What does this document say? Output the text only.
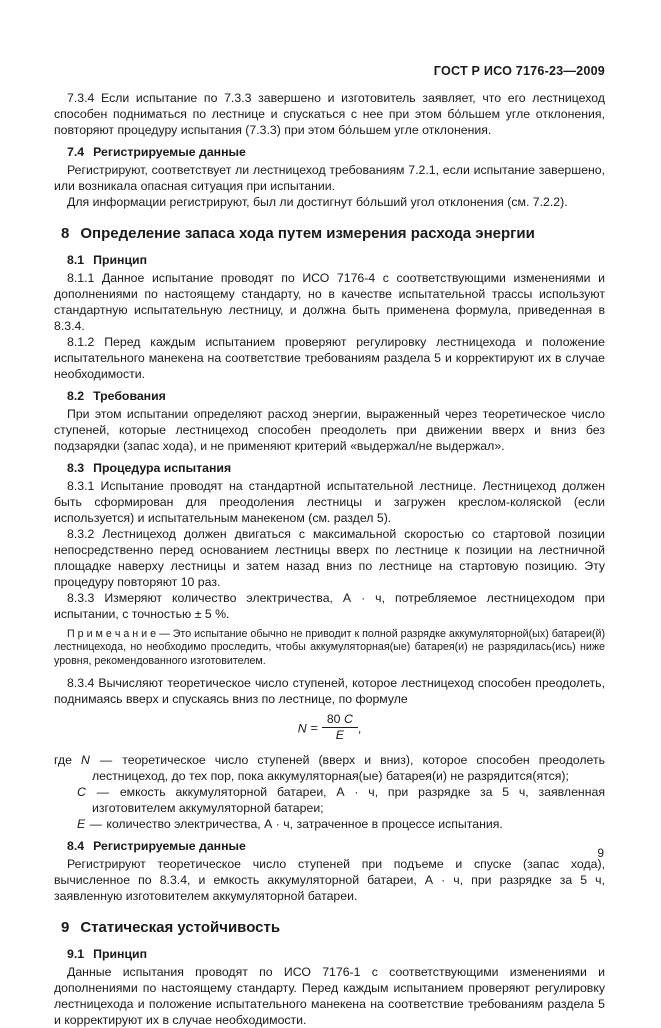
ГОСТ Р ИСО 7176-23—2009

7.3.4 Если испытание по 7.3.3 завершено и изготовитель заявляет, что его лестницеход способен подниматься по лестнице и спускаться с нее при этом бо́льшем угле отклонения, повторяют процедуру испытания (7.3.3) при этом бо́льшем угле отклонения.

7.4 Регистрируемые данные

Регистрируют, соответствует ли лестницеход требованиям 7.2.1, если испытание завершено, или возникала опасная ситуация при испытании.

Для информации регистрируют, был ли достигнут бо́льший угол отклонения (см. 7.2.2).

8 Определение запаса хода путем измерения расхода энергии

8.1 Принцип

8.1.1 Данное испытание проводят по ИСО 7176-4 с соответствующими изменениями и дополнениями по настоящему стандарту, но в качестве испытательной трассы используют стандартную испытательную лестницу, и должна быть применена формула, приведенная в 8.3.4.

8.1.2 Перед каждым испытанием проверяют регулировку лестницехода и положение испытательного манекена на соответствие требованиям раздела 5 и корректируют их в случае необходимости.

8.2 Требования

При этом испытании определяют расход энергии, выраженный через теоретическое число ступеней, которые лестницеход способен преодолеть при движении вверх и вниз без подзарядки (запас хода), и не применяют критерий «выдержал/не выдержал».

8.3 Процедура испытания

8.3.1 Испытание проводят на стандартной испытательной лестнице. Лестницеход должен быть сформирован для преодоления лестницы и загружен креслом-коляской (если используется) и испытательным манекеном (см. раздел 5).

8.3.2 Лестницеход должен двигаться с максимальной скоростью со стартовой позиции непосредственно перед основанием лестницы вверх по лестнице к позиции на лестничной площадке наверху лестницы и затем назад вниз по лестнице на стартовую позицию. Эту процедуру повторяют 10 раз.

8.3.3 Измеряют количество электричества, А · ч, потребляемое лестницеходом при испытании, с точностью ± 5 %.

П р и м е ч а н и е — Это испытание обычно не приводит к полной разрядке аккумуляторной(ых) батареи(й) лестницехода, но необходимо проследить, чтобы аккумуляторная(ые) батарея(и) не разрядилась(ись) ниже уровня, рекомендованного изготовителем.

8.3.4 Вычисляют теоретическое число ступеней, которое лестницеход способен преодолеть, поднимаясь вверх и спускаясь вниз по лестнице, по формуле

$N = \frac{80 C}{E}$ ,

где N — теоретическое число ступеней (вверх и вниз), которое способен преодолеть лестницеход, до тех пор, пока аккумуляторная(ые) батарея(и) не разрядится(ятся);

C — емкость аккумуляторной батареи, А · ч, при разрядке за 5 ч, заявленная изготовителем аккумуляторной батареи;

E — количество электричества, А · ч, затраченное в процессе испытания.

8.4 Регистрируемые данные

Регистрируют теоретическое число ступеней при подъеме и спуске (запас хода), вычисленное по 8.3.4, и емкость аккумуляторной батареи, А · ч, при разрядке за 5 ч, заявленную изготовителем аккумуляторной батареи.

9 Статическая устойчивость

9.1 Принцип

Данные испытания проводят по ИСО 7176-1 с соответствующими изменениями и дополнениями по настоящему стандарту. Перед каждым испытанием проверяют регулировку лестницехода и положение испытательного манекена на соответствие требованиям раздела 5 и корректируют их в случае необходимости.

9
